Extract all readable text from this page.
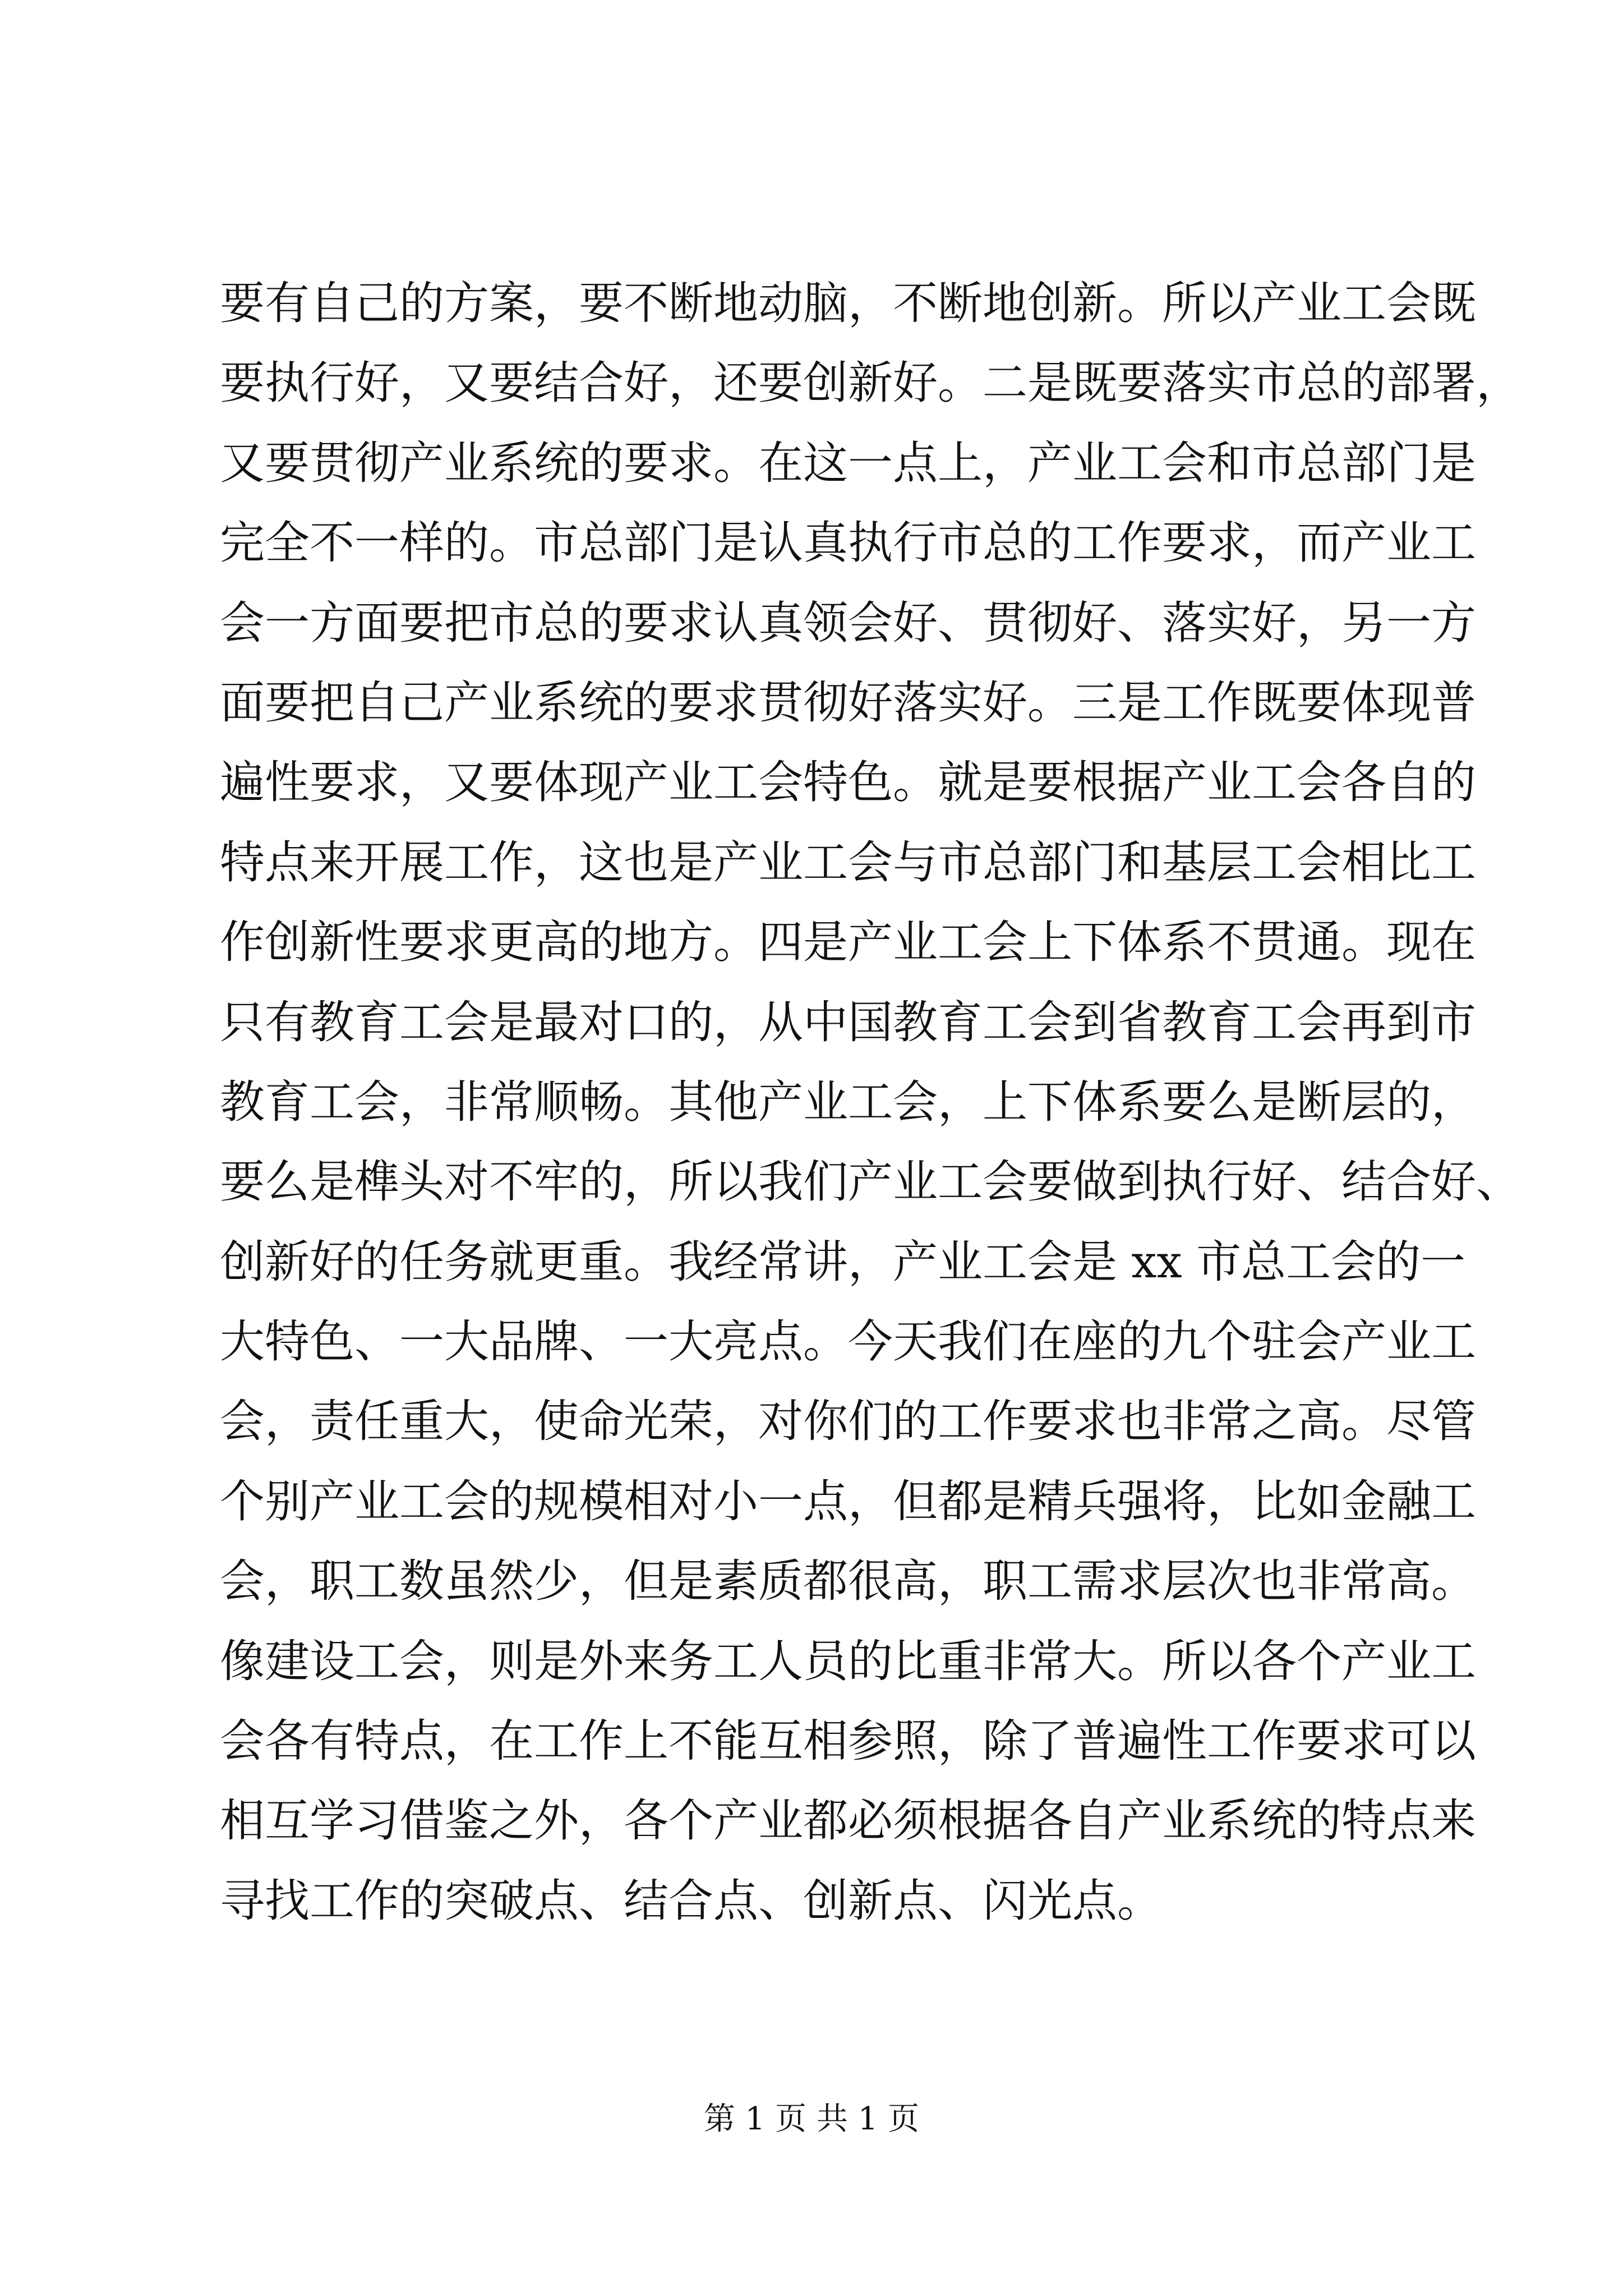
要有自己的方案，要不断地动脑，不断地创新。所以产业工会既
要执行好，又要结合好，还要创新好。二是既要落实市总的部署，
又要贯彻产业系统的要求。在这一点上，产业工会和市总部门是
完全不一样的。市总部门是认真执行市总的工作要求，而产业工
会一方面要把市总的要求认真领会好、贯彻好、落实好，另一方
面要把自己产业系统的要求贯彻好落实好。三是工作既要体现普
遍性要求，又要体现产业工会特色。就是要根据产业工会各自的
特点来开展工作，这也是产业工会与市总部门和基层工会相比工
作创新性要求更高的地方。四是产业工会上下体系不贯通。现在
只有教育工会是最对口的，从中国教育工会到省教育工会再到市
教育工会，非常顺畅。其他产业工会，上下体系要么是断层的，
要么是榫头对不牢的，所以我们产业工会要做到执行好、结合好、
创新好的任务就更重。我经常讲，产业工会是 xx 市总工会的一
大特色、一大品牌、一大亮点。今天我们在座的九个驻会产业工
会，责任重大，使命光荣，对你们的工作要求也非常之高。尽管
个别产业工会的规模相对小一点，但都是精兵强将，比如金融工
会，职工数虽然少，但是素质都很高，职工需求层次也非常高。
像建设工会，则是外来务工人员的比重非常大。所以各个产业工
会各有特点，在工作上不能互相参照，除了普遍性工作要求可以
相互学习借鉴之外，各个产业都必须根据各自产业系统的特点来
寻找工作的突破点、结合点、创新点、闪光点。
第 1 页 共 1 页
